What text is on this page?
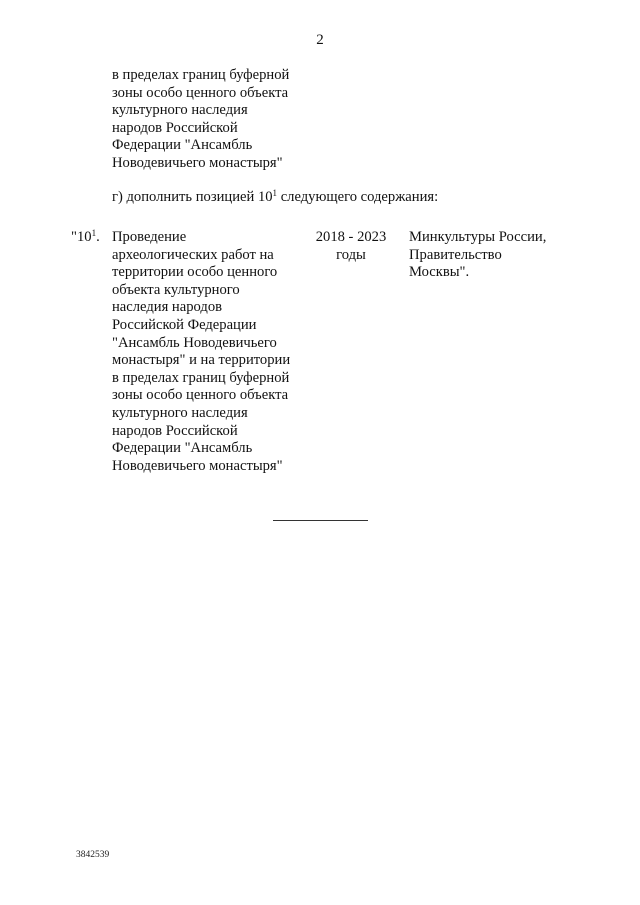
2
в пределах границ буферной
зоны особо ценного объекта
культурного наследия
народов Российской
Федерации "Ансамбль
Новодевичьего монастыря"
г) дополнить позицией $10^1$ следующего содержания:
"$10^1$. Проведение
археологических работ на
территории особо ценного
объекта культурного
наследия народов
Российской Федерации
"Ансамбль Новодевичьего
монастыря" и на территории
в пределах границ буферной
зоны особо ценного объекта
культурного наследия
народов Российской
Федерации "Ансамбль
Новодевичьего монастыря"
2018 - 2023
годы
Минкультуры России,
Правительство
Москвы".
3842539
